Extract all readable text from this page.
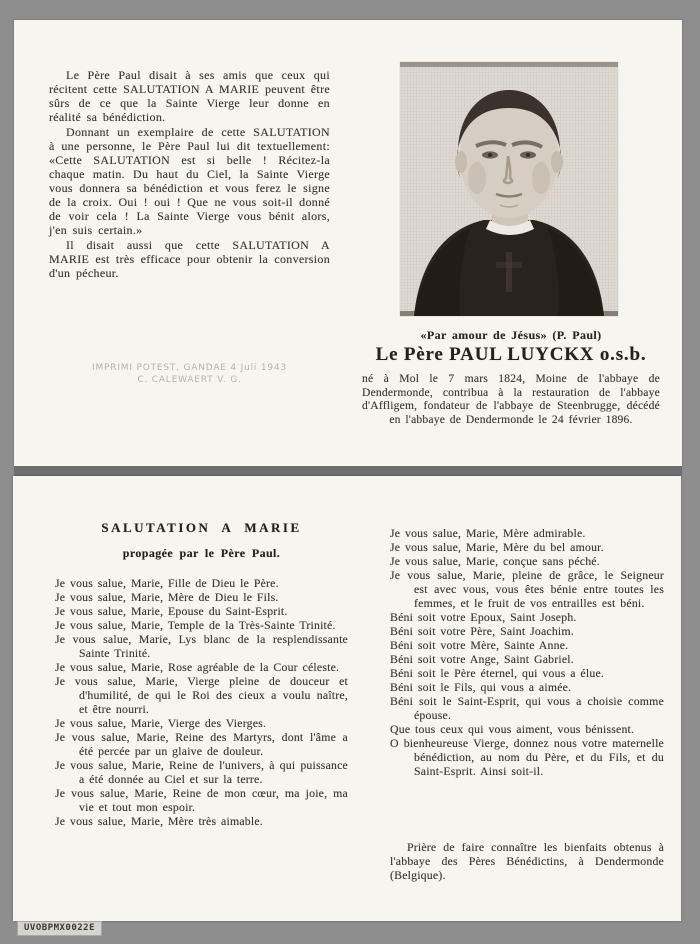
Le Père Paul disait à ses amis que ceux qui récitent cette SALUTATION A MARIE peuvent être sûrs de ce que la Sainte Vierge leur donne en réalité sa bénédiction.
Donnant un exemplaire de cette SALUTATION à une personne, le Père Paul lui dit textuellement: «Cette SALUTATION est si belle ! Récitez-la chaque matin. Du haut du Ciel, la Sainte Vierge vous donnera sa bénédiction et vous ferez le signe de la croix. Oui ! oui ! Que ne vous soit-il donné de voir cela ! La Sainte Vierge vous bénit alors, j'en suis certain.»
Il disait aussi que cette SALUTATION A MARIE est très efficace pour obtenir la conversion d'un pécheur.
IMPRIMI POTEST, GANDAE 4 Juli 1943
C. CALEWAERT V. G.
«Par amour de Jésus» (P. Paul)
Le Père PAUL LUYCKX o.s.b.
né à Mol le 7 mars 1824, Moine de l'abbaye de Dendermonde, contribua à la restauration de l'abbaye d'Affligem, fondateur de l'abbaye de Steenbrugge, décédé en l'abbaye de Dendermonde le 24 février 1896.
SALUTATION A MARIE
propagée par le Père Paul.
Je vous salue, Marie, Fille de Dieu le Père.
Je vous salue, Marie, Mère de Dieu le Fils.
Je vous salue, Marie, Epouse du Saint-Esprit.
Je vous salue, Marie, Temple de la Très-Sainte Trinité.
Je vous salue, Marie, Lys blanc de la resplendissante Sainte Trinité.
Je vous salue, Marie, Rose agréable de la Cour céleste.
Je vous salue, Marie, Vierge pleine de douceur et d'humilité, de qui le Roi des cieux a voulu naître, et être nourri.
Je vous salue, Marie, Vierge des Vierges.
Je vous salue, Marie, Reine des Martyrs, dont l'âme a été percée par un glaive de douleur.
Je vous salue, Marie, Reine de l'univers, à qui puissance a été donnée au Ciel et sur la terre.
Je vous salue, Marie, Reine de mon cœur, ma joie, ma vie et tout mon espoir.
Je vous salue, Marie, Mère très aimable.
Je vous salue, Marie, Mère admirable.
Je vous salue, Marie, Mère du bel amour.
Je vous salue, Marie, conçue sans péché.
Je vous salue, Marie, pleine de grâce, le Seigneur est avec vous, vous êtes bénie entre toutes les femmes, et le fruit de vos entrailles est béni.
Béni soit votre Epoux, Saint Joseph.
Béni soit votre Père, Saint Joachim.
Béni soit votre Mère, Sainte Anne.
Béni soit votre Ange, Saint Gabriel.
Béni soit le Père éternel, qui vous a élue.
Béni soit le Fils, qui vous a aimée.
Béni soit le Saint-Esprit, qui vous a choisie comme épouse.
Que tous ceux qui vous aiment, vous bénissent.
O bienheureuse Vierge, donnez nous votre maternelle bénédiction, au nom du Père, et du Fils, et du Saint-Esprit. Ainsi soit-il.
Prière de faire connaître les bienfaits obtenus à l'abbaye des Pères Bénédictins, à Dendermonde (Belgique).
UVOBPMX0022E
